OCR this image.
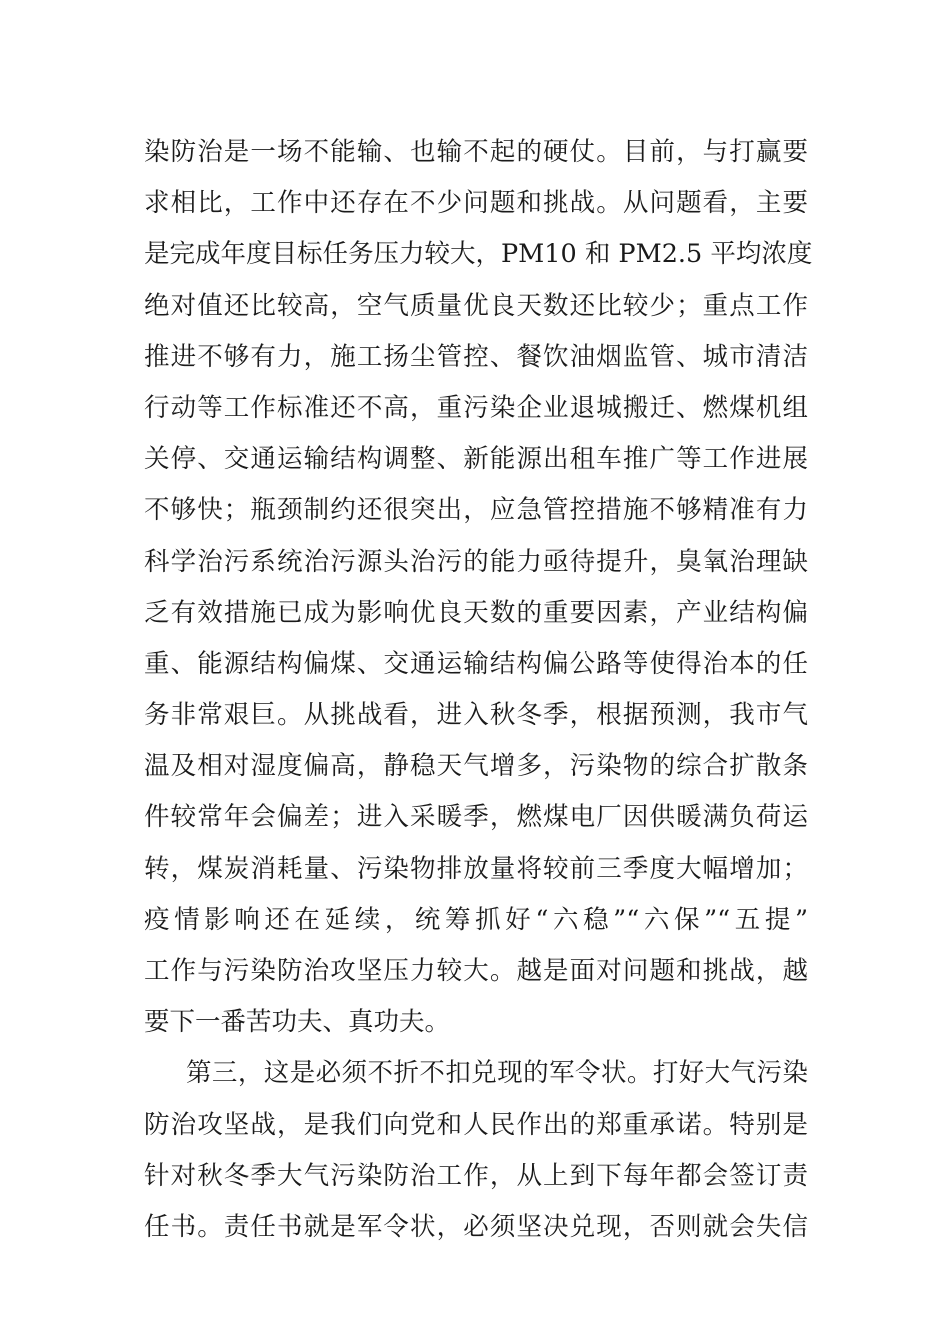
染防治是一场不能输、也输不起的硬仗。目前，与打赢要
求相比，工作中还存在不少问题和挑战。从问题看，主要
是完成年度目标任务压力较大，PM10 和 PM2.5 平均浓度
绝对值还比较高，空气质量优良天数还比较少；重点工作
推进不够有力，施工扬尘管控、餐饮油烟监管、城市清洁
行动等工作标准还不高，重污染企业退城搬迁、燃煤机组
关停、交通运输结构调整、新能源出租车推广等工作进展
不够快；瓶颈制约还很突出，应急管控措施不够精准有力
科学治污系统治污源头治污的能力亟待提升，臭氧治理缺
乏有效措施已成为影响优良天数的重要因素，产业结构偏
重、能源结构偏煤、交通运输结构偏公路等使得治本的任
务非常艰巨。从挑战看，进入秋冬季，根据预测，我市气
温及相对湿度偏高，静稳天气增多，污染物的综合扩散条
件较常年会偏差；进入采暖季，燃煤电厂因供暖满负荷运
转，煤炭消耗量、污染物排放量将较前三季度大幅增加；
疫情影响还在延续，统筹抓好“六稳”“六保”“五提”
工作与污染防治攻坚压力较大。越是面对问题和挑战，越
要下一番苦功夫、真功夫。
第三，这是必须不折不扣兑现的军令状。打好大气污染
防治攻坚战，是我们向党和人民作出的郑重承诺。特别是
针对秋冬季大气污染防治工作，从上到下每年都会签订责
任书。责任书就是军令状，必须坚决兑现，否则就会失信
